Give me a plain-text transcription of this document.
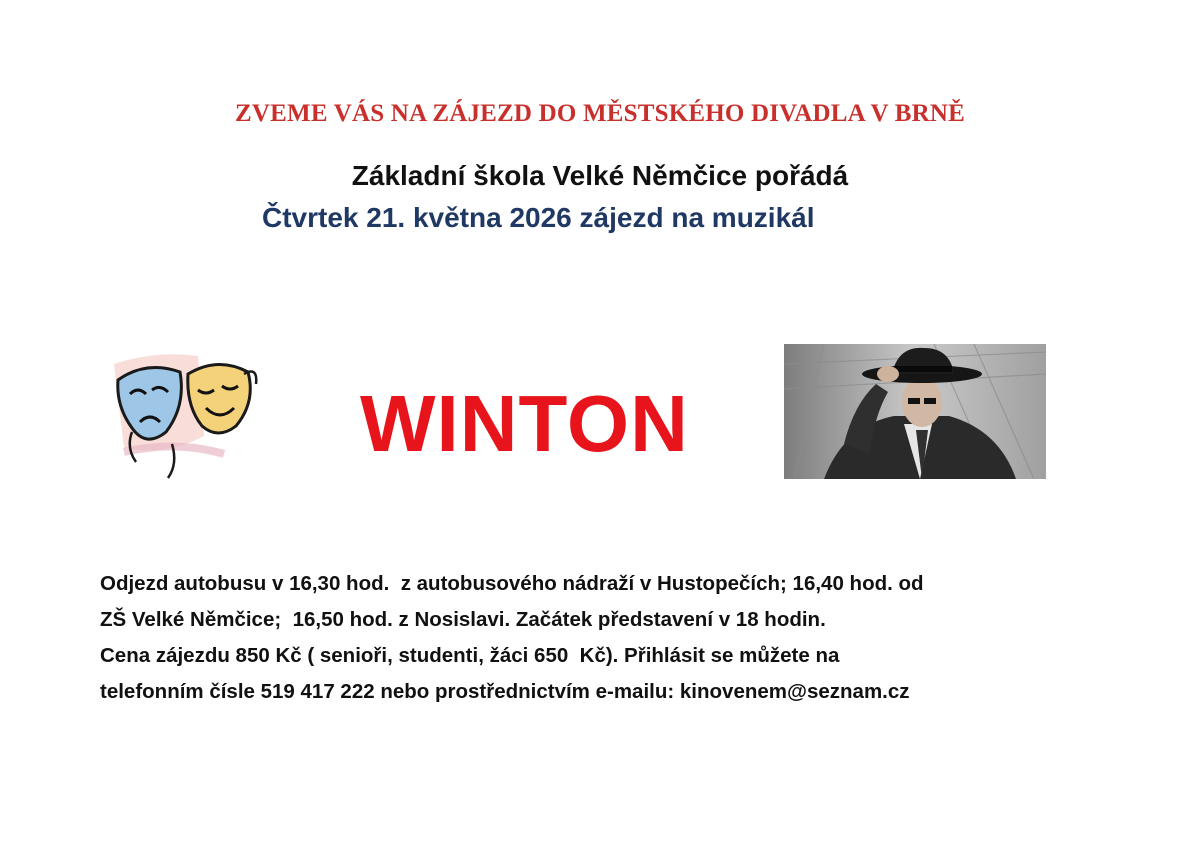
ZVEME VÁS NA ZÁJEZD DO MĚSTSKÉHO DIVADLA V BRNĚ
Základní škola Velké Němčice pořádá
Čtvrtek 21. května 2026 zájezd na muzikál
WINTON
Odjezd autobusu v 16,30 hod.  z autobusového nádraží v Hustopečích; 16,40 hod. od
ZŠ Velké Němčice;  16,50 hod. z Nosislavi. Začátek představení v 18 hodin.
Cena zájezdu 850 Kč ( senioři, studenti, žáci 650  Kč). Přihlásit se můžete na
telefonním čísle 519 417 222 nebo prostřednictvím e-mailu: kinovenem@seznam.cz
